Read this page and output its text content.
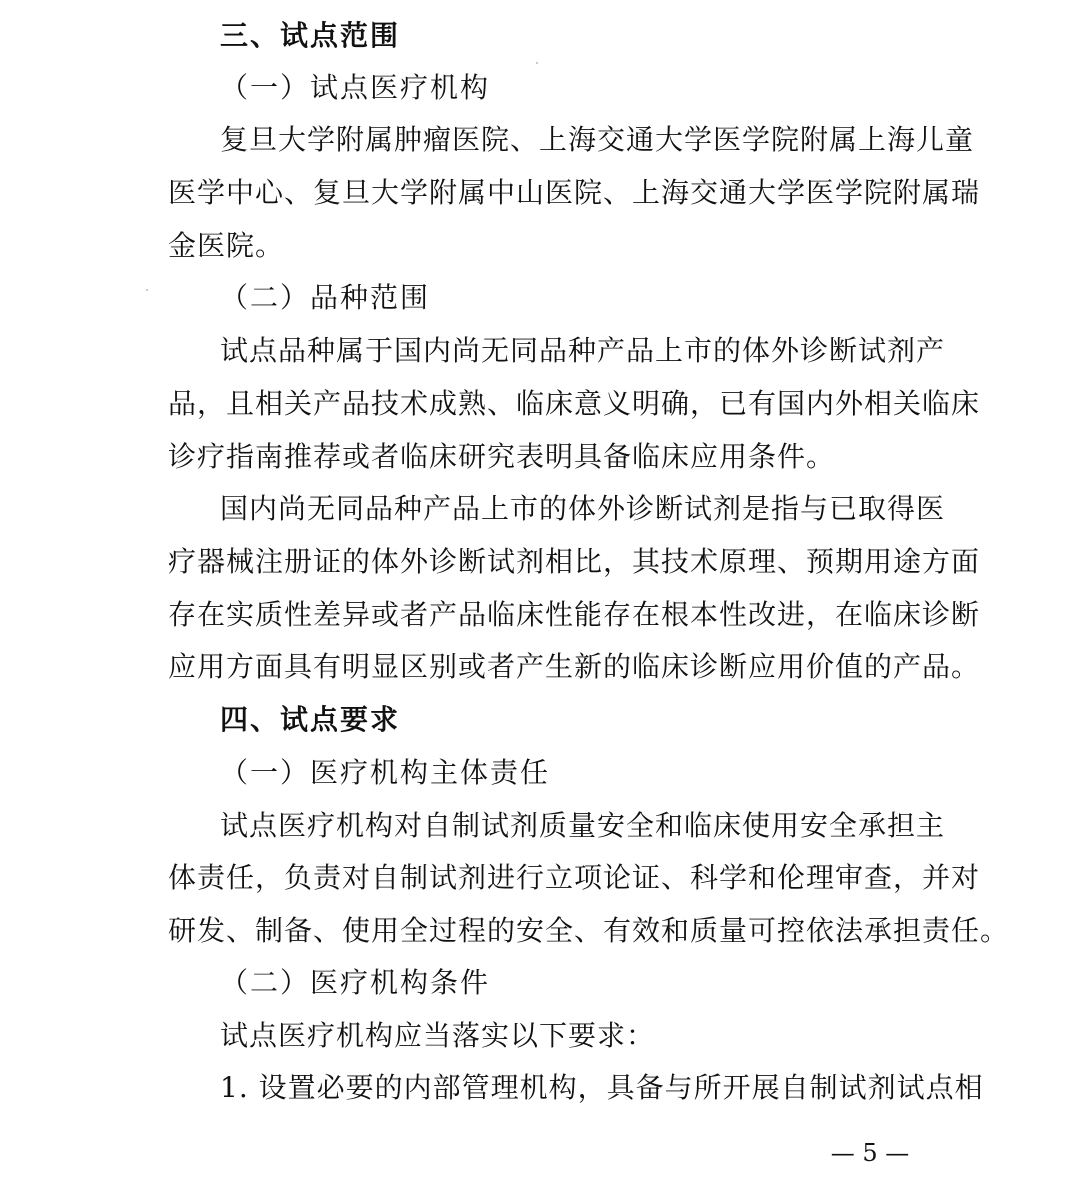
三、试点范围
（一）试点医疗机构
复旦大学附属肿瘤医院、上海交通大学医学院附属上海儿童
医学中心、复旦大学附属中山医院、上海交通大学医学院附属瑞
金医院。
（二）品种范围
试点品种属于国内尚无同品种产品上市的体外诊断试剂产
品，且相关产品技术成熟、临床意义明确，已有国内外相关临床
诊疗指南推荐或者临床研究表明具备临床应用条件。
国内尚无同品种产品上市的体外诊断试剂是指与已取得医
疗器械注册证的体外诊断试剂相比，其技术原理、预期用途方面
存在实质性差异或者产品临床性能存在根本性改进，在临床诊断
应用方面具有明显区别或者产生新的临床诊断应用价值的产品。
四、试点要求
（一）医疗机构主体责任
试点医疗机构对自制试剂质量安全和临床使用安全承担主
体责任，负责对自制试剂进行立项论证、科学和伦理审查，并对
研发、制备、使用全过程的安全、有效和质量可控依法承担责任。
（二）医疗机构条件
试点医疗机构应当落实以下要求：
1. 设置必要的内部管理机构，具备与所开展自制试剂试点相
— 5 —
